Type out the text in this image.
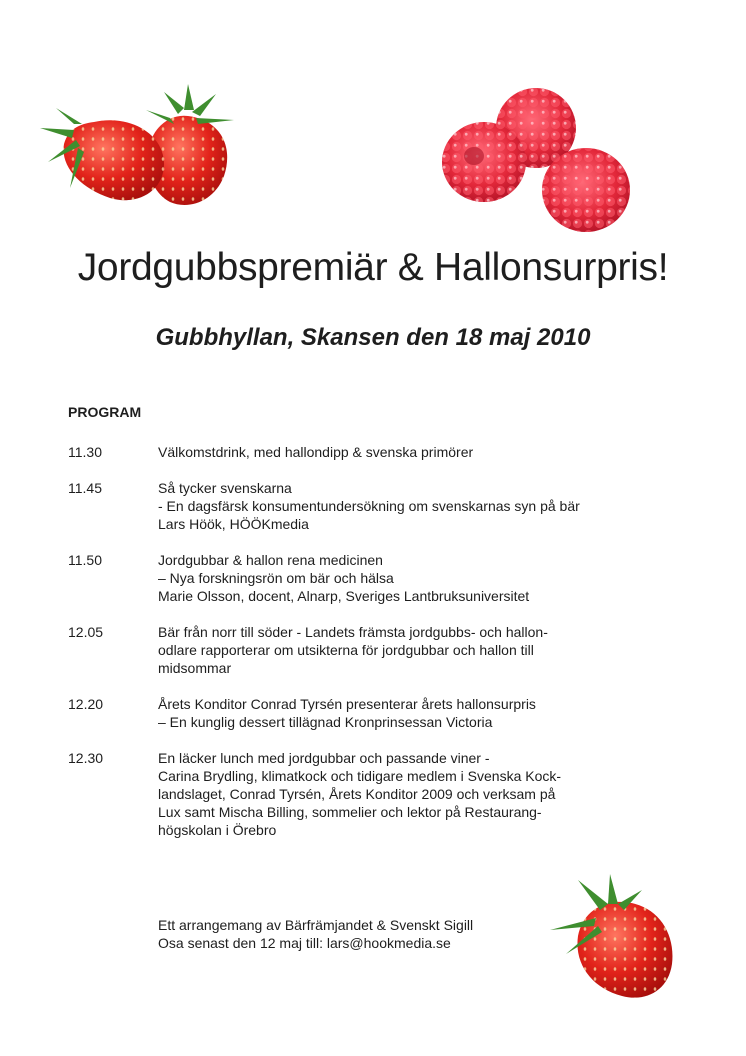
Jordgubbspremiär & Hallonsurpris!
Gubbhyllan, Skansen den 18 maj 2010
PROGRAM
11.30	Välkomstdrink, med hallondipp & svenska primörer
11.45	Så tycker svenskarna
- En dagsfärsk konsumentundersökning om svenskarnas syn på bär
Lars Höök, HÖÖKmedia
11.50	Jordgubbar & hallon rena medicinen
– Nya forskningsrön om bär och hälsa
Marie Olsson, docent, Alnarp, Sveriges Lantbruksuniversitet
12.05	Bär från norr till söder - Landets främsta jordgubbs- och hallon-
odlare rapporterar om utsikterna för jordgubbar och hallon till
midsommar
12.20	Årets Konditor Conrad Tyrsén presenterar årets hallonsurpris
– En kunglig dessert tillägnad Kronprinsessan Victoria
12.30	En läcker lunch med jordgubbar och passande viner -
Carina Brydling, klimatkock och tidigare medlem i Svenska Kock-
landslaget, Conrad Tyrsén, Årets Konditor 2009 och verksam på
Lux samt Mischa Billing, sommelier och lektor på Restaurang-
högskolan i Örebro
Ett arrangemang av Bärfrämjandet & Svenskt Sigill
Osa senast den 12 maj till: lars@hookmedia.se
